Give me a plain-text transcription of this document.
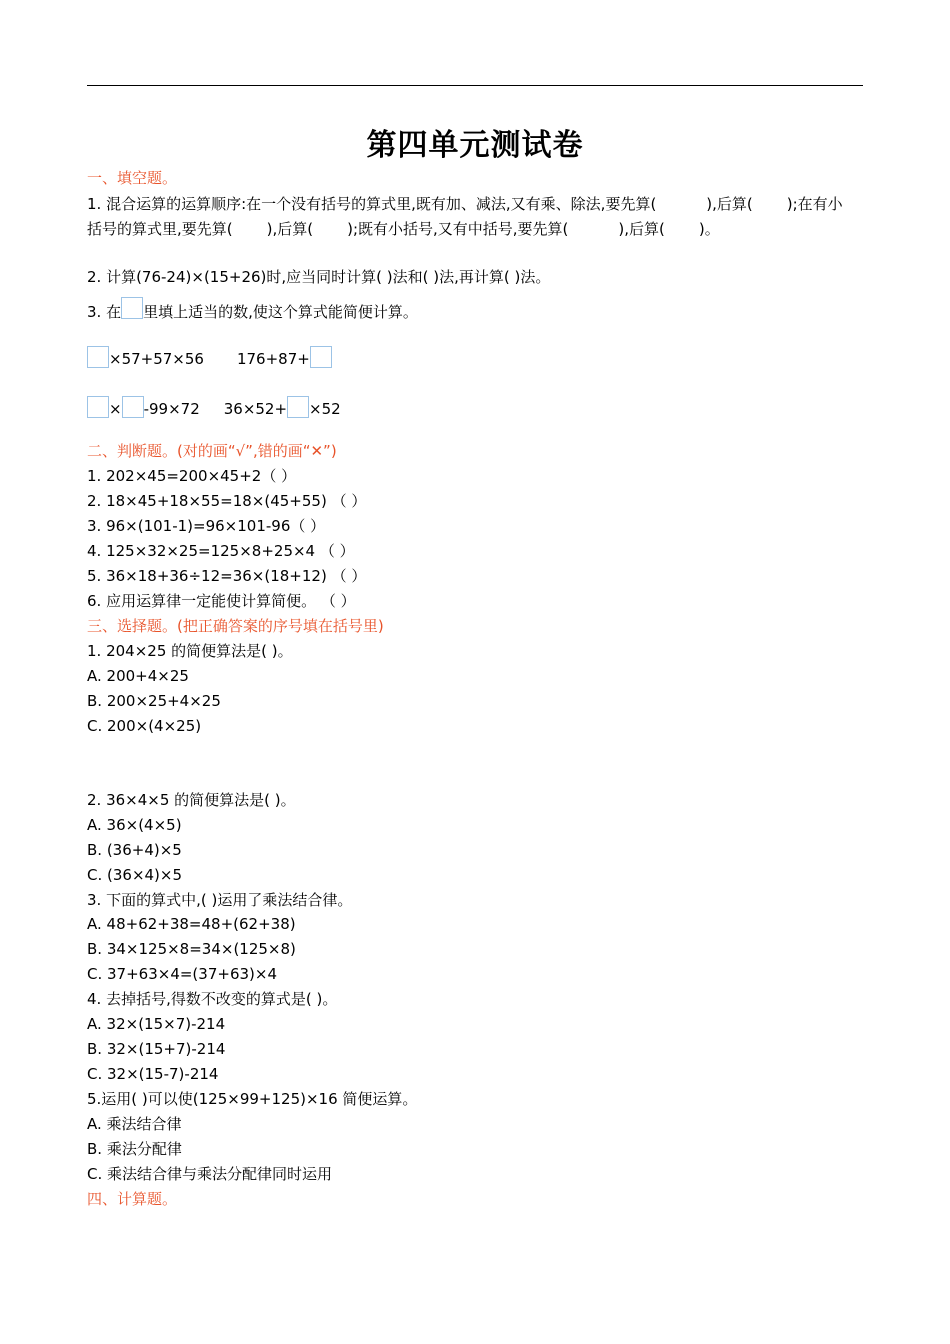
第四单元测试卷
一、填空题。
1. 混合运算的运算顺序:在一个没有括号的算式里,既有加、减法,又有乘、除法,要先算(	),后算( );在有小括号的算式里,要先算( ),后算( );既有小括号,又有中括号,要先算(	),后算( )。
2. 计算(76-24)×(15+26)时,应当同时计算( )法和( )法,再计算( )法。
3. 在 里填上适当的数,使这个算式能简便计算。
×57+57×56 176+87+
× -99×72 36×52+ ×52
二、判断题。(对的画“√”,错的画“✕”)
1. 202×45=200×45+2（ ）
2. 18×45+18×55=18×(45+55) （ ）
3. 96×(101-1)=96×101-96（ ）
4. 125×32×25=125×8+25×4 （ ）
5. 36×18+36÷12=36×(18+12) （ ）
6. 应用运算律一定能使计算简便。 （ ）
三、选择题。(把正确答案的序号填在括号里)
1. 204×25 的简便算法是( )。
A. 200+4×25
B. 200×25+4×25
C. 200×(4×25)
2. 36×4×5 的简便算法是( )。
A. 36×(4×5)
B. (36+4)×5
C. (36×4)×5
3. 下面的算式中,( )运用了乘法结合律。
A. 48+62+38=48+(62+38)
B. 34×125×8=34×(125×8)
C. 37+63×4=(37+63)×4
4. 去掉括号,得数不改变的算式是( )。
A. 32×(15×7)-214
B. 32×(15+7)-214
C. 32×(15-7)-214
5.运用( )可以使(125×99+125)×16 简便运算。
A. 乘法结合律
B. 乘法分配律
C. 乘法结合律与乘法分配律同时运用
四、计算题。
